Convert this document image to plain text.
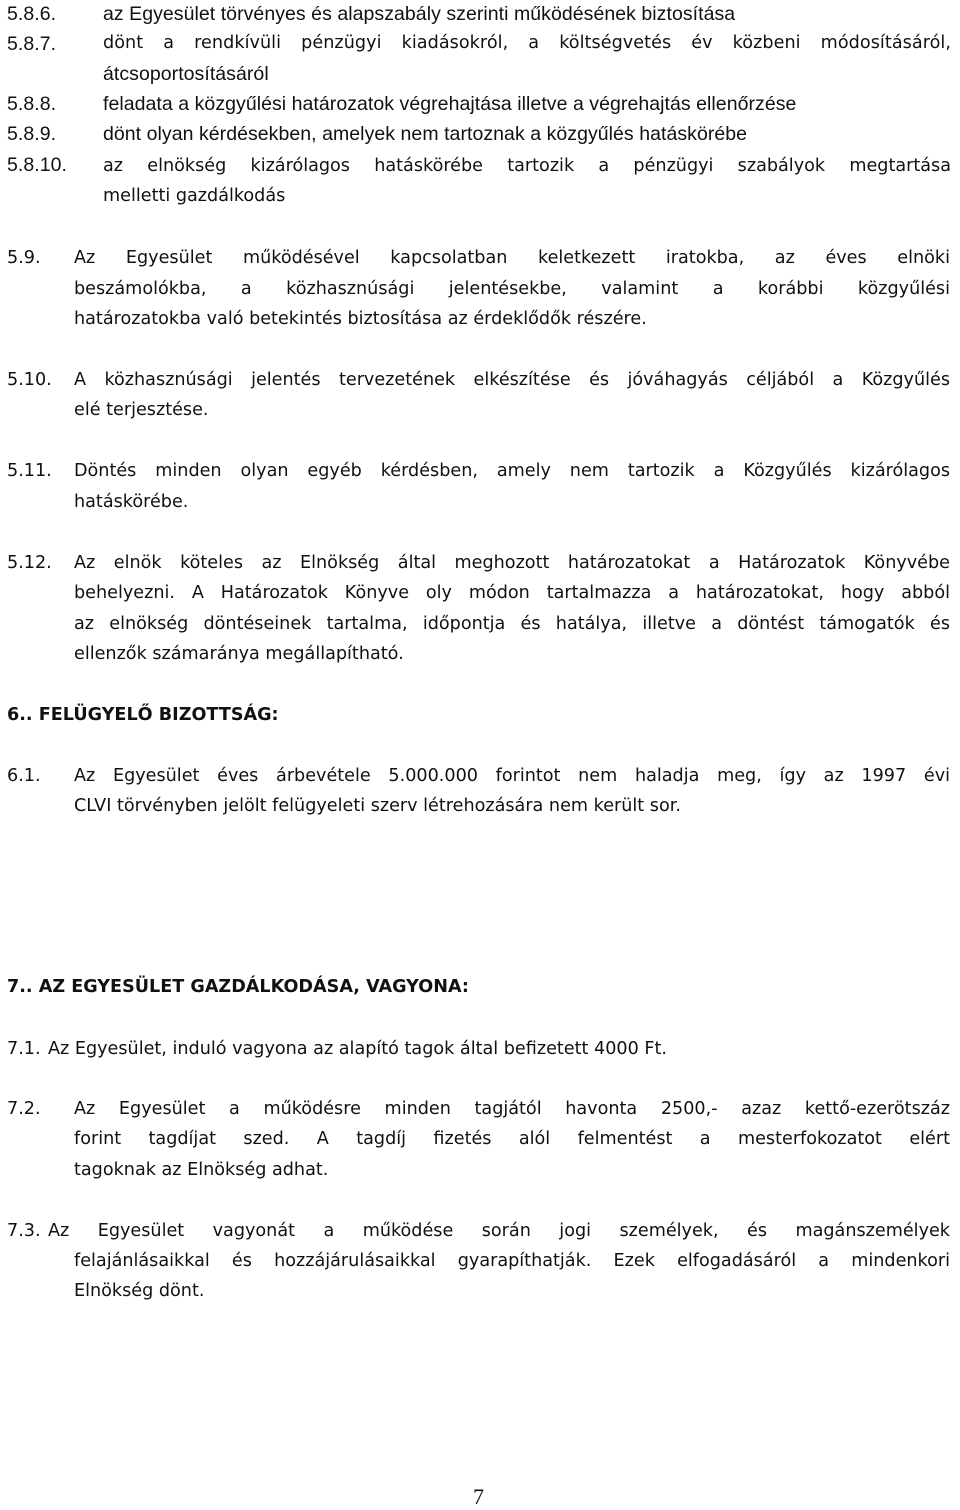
5.8.6. az Egyesület törvényes és alapszabály szerinti működésének biztosítása
5.8.7.	dönt a rendkívüli pénzügyi kiadásokról, a költségvetés év közbeni módosításáról,
átcsoportosításáról
5.8.8. feladata a közgyűlési határozatok végrehajtása illetve a végrehajtás ellenőrzése
5.8.9. dönt olyan kérdésekben, amelyek nem tartoznak a közgyűlés hatáskörébe
5.8.10. az elnökség kizárólagos hatáskörébe tartozik a pénzügyi szabályok megtartása
melletti gazdálkodás
5.9. Az Egyesület működésével kapcsolatban keletkezett iratokba, az éves elnöki
beszámolókba, a közhasznúsági jelentésekbe, valamint a korábbi közgyűlési
határozatokba való betekintés biztosítása az érdeklődők részére.
5.10. A közhasznúsági jelentés tervezetének elkészítése és jóváhagyás céljából a Közgyűlés
elé terjesztése.
5.11. Döntés minden olyan egyéb kérdésben, amely nem tartozik a Közgyűlés kizárólagos
hatáskörébe.
5.12. Az elnök köteles az Elnökség által meghozott határozatokat a Határozatok Könyvébe
behelyezni. A Határozatok Könyve oly módon tartalmazza a határozatokat, hogy abból
az elnökség döntéseinek tartalma, időpontja és hatálya, illetve a döntést támogatók és
ellenzők számaránya megállapítható.
6.. FELÜGYELŐ BIZOTTSÁG:
6.1. Az Egyesület éves árbevétele 5.000.000 forintot nem haladja meg, így az 1997 évi
CLVI törvényben jelölt felügyeleti szerv létrehozására nem került sor.
7.. AZ EGYESÜLET GAZDÁLKODÁSA, VAGYONA:
7.1. Az Egyesület, induló vagyona az alapító tagok által befizetett 4000 Ft.
7.2. Az Egyesület a működésre minden tagjától havonta 2500,- azaz kettő-ezerötszáz
forint tagdíjat szed. A tagdíj fizetés alól felmentést a mesterfokozatot elért
tagoknak az Elnökség adhat.
7.3. Az Egyesület vagyonát a működése során jogi személyek, és magánszemélyek
felajánlásaikkal és hozzájárulásaikkal gyarapíthatják. Ezek elfogadásáról a mindenkori
Elnökség dönt.
7
